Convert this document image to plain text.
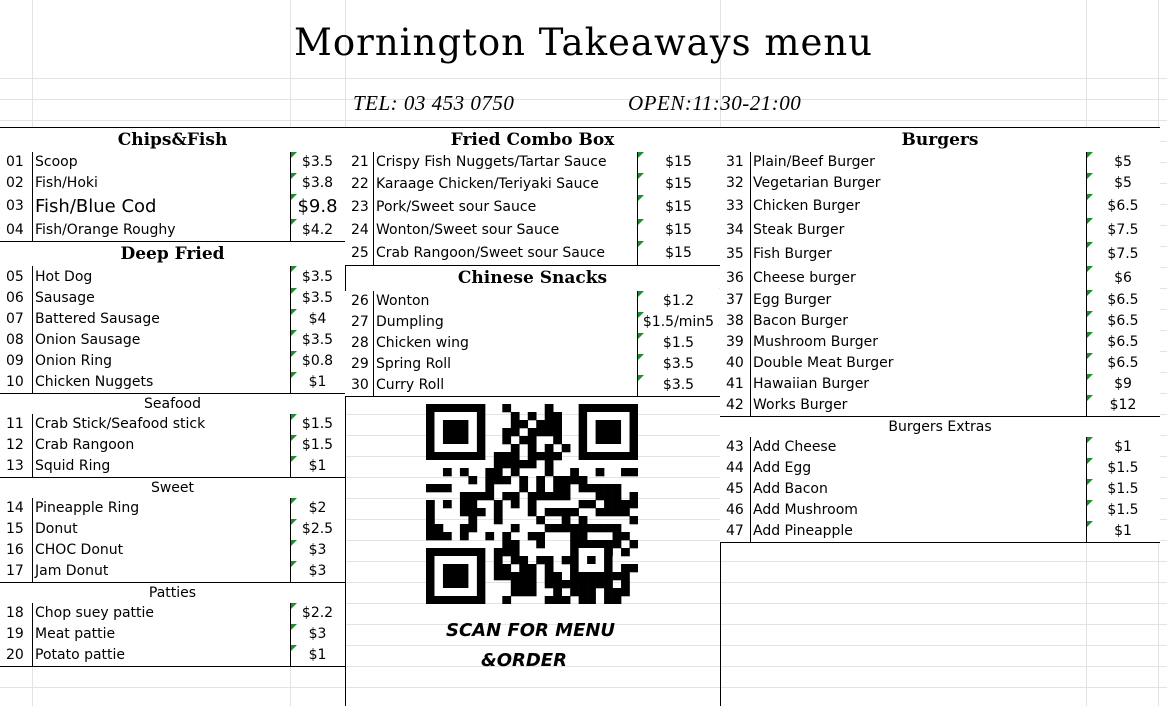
Mornington Takeaways menu
TEL: 03 453 0750	OPEN:11:30-21:00
Chips&Fish
01 Scoop	$3.5
02 Fish/Hoki	$3.8
03 Fish/Blue Cod	$9.8
04 Fish/Orange Roughy	$4.2
Deep Fried
05 Hot Dog	$3.5
06 Sausage	$3.5
07 Battered Sausage	$4
08 Onion Sausage	$3.5
09 Onion Ring	$0.8
10 Chicken Nuggets	$1
Seafood
11 Crab Stick/Seafood stick	$1.5
12 Crab Rangoon	$1.5
13 Squid Ring	$1
Sweet
14 Pineapple Ring	$2
15 Donut	$2.5
16 CHOC Donut	$3
17 Jam Donut	$3
Patties
18 Chop suey pattie	$2.2
19 Meat pattie	$3
20 Potato pattie	$1
Fried Combo Box
21 Crispy Fish Nuggets/Tartar Sauce	$15
22 Karaage Chicken/Teriyaki Sauce	$15
23 Pork/Sweet sour Sauce	$15
24 Wonton/Sweet sour Sauce	$15
25 Crab Rangoon/Sweet sour Sauce	$15
Chinese Snacks
26 Wonton	$1.2
27 Dumpling	$1.5/min5
28 Chicken wing	$1.5
29 Spring Roll	$3.5
30 Curry Roll	$3.5
Burgers
31 Plain/Beef Burger	$5
32 Vegetarian Burger	$5
33 Chicken Burger	$6.5
34 Steak Burger	$7.5
35 Fish Burger	$7.5
36 Cheese burger	$6
37 Egg Burger	$6.5
38 Bacon Burger	$6.5
39 Mushroom Burger	$6.5
40 Double Meat Burger	$6.5
41 Hawaiian Burger	$9
42 Works Burger	$12
Burgers Extras
43 Add Cheese	$1
44 Add Egg	$1.5
45 Add Bacon	$1.5
46 Add Mushroom	$1.5
47 Add Pineapple	$1
SCAN FOR MENU
&ORDER
